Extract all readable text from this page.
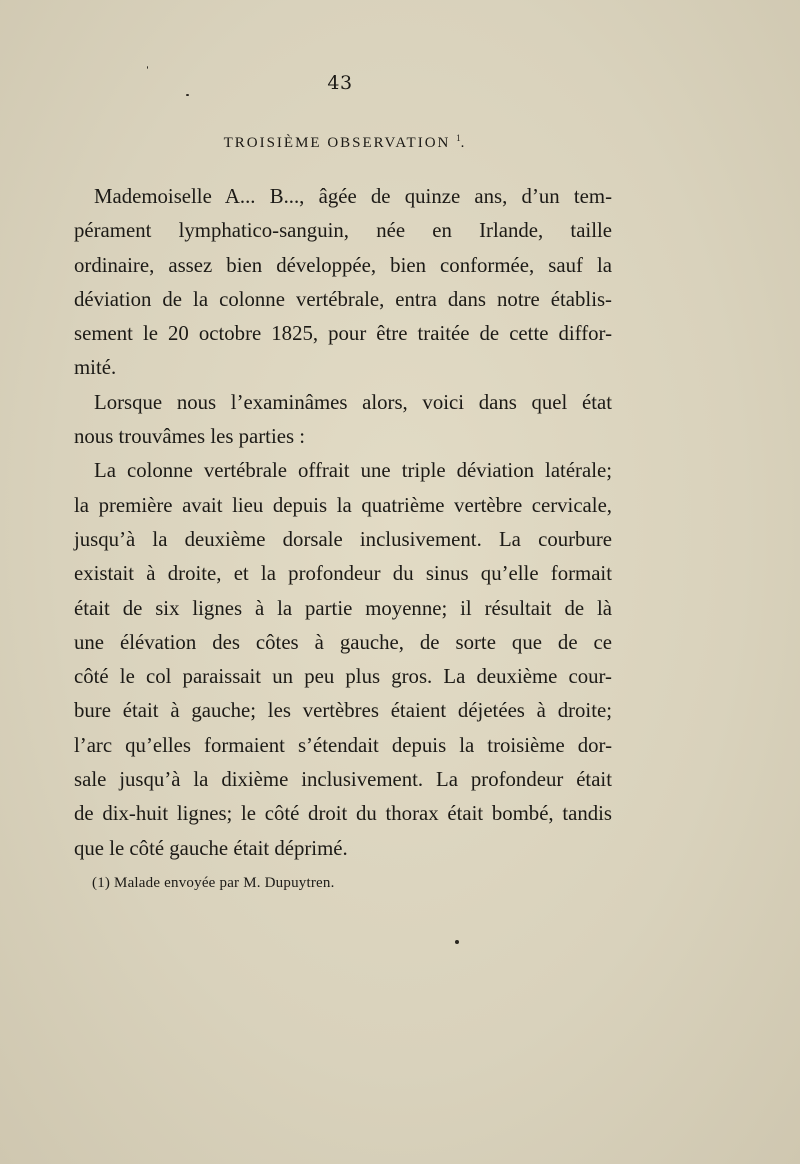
43
TROISIÈME OBSERVATION $^1$.
Mademoiselle A... B..., âgée de quinze ans, d’un tem-
pérament lymphatico-sanguin, née en Irlande, taille
ordinaire, assez bien développée, bien conformée, sauf la
déviation de la colonne vertébrale, entra dans notre établis-
sement le 20 octobre 1825, pour être traitée de cette diffor-
mité.
Lorsque nous l’examinâmes alors, voici dans quel état
nous trouvâmes les parties :
La colonne vertébrale offrait une triple déviation latérale;
la première avait lieu depuis la quatrième vertèbre cervicale,
jusqu’à la deuxième dorsale inclusivement. La courbure
existait à droite, et la profondeur du sinus qu’elle formait
était de six lignes à la partie moyenne; il résultait de là
une élévation des côtes à gauche, de sorte que de ce
côté le col paraissait un peu plus gros. La deuxième cour-
bure était à gauche; les vertèbres étaient déjetées à droite;
l’arc qu’elles formaient s’étendait depuis la troisième dor-
sale jusqu’à la dixième inclusivement. La profondeur était
de dix-huit lignes; le côté droit du thorax était bombé, tandis
que le côté gauche était déprimé.
(1) Malade envoyée par M. Dupuytren.
